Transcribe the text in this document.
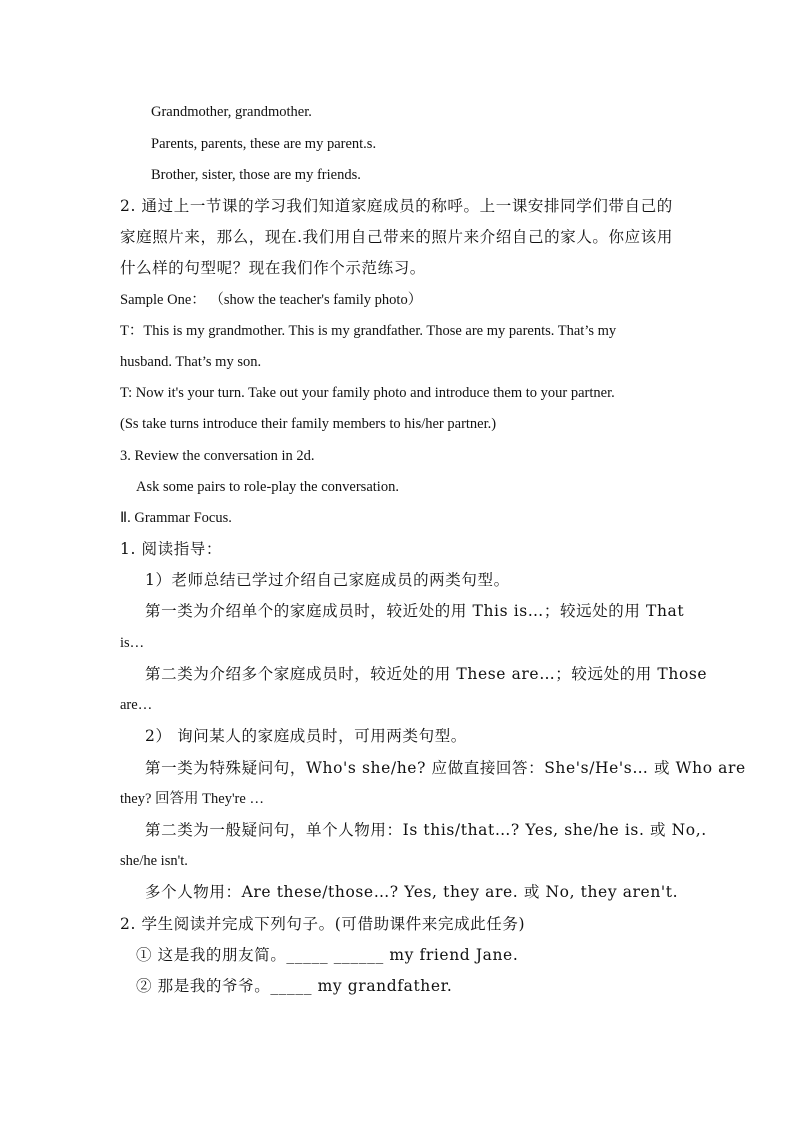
Grandmother, grandmother.
Parents, parents, these are my parent.s.
Brother, sister, those are my friends.
2. 通过上一节课的学习我们知道家庭成员的称呼。上一课安排同学们带自己的
家庭照片来，那么，现在.我们用自己带来的照片来介绍自己的家人。你应该用
什么样的句型呢？现在我们作个示范练习。
Sample One： （show the teacher's family photo）
T：This is my grandmother. This is my grandfather. Those are my parents. That’s my
husband. That’s my son.
T: Now it's your turn. Take out your family photo and introduce them to your partner.
(Ss take turns introduce their family members to his/her partner.)
3. Review the conversation in 2d.
Ask some pairs to role-play the conversation.
Ⅱ. Grammar Focus.
1. 阅读指导：
1）老师总结已学过介绍自己家庭成员的两类句型。
第一类为介绍单个的家庭成员时，较近处的用 This is…；较远处的用 That
is…
第二类为介绍多个家庭成员时，较近处的用 These are…；较远处的用 Those
are…
2） 询问某人的家庭成员时，可用两类句型。
第一类为特殊疑问句，Who's she/he? 应做直接回答：She's/He's… 或 Who are
they? 回答用 They're …
第二类为一般疑问句，单个人物用：Is this/that…? Yes, she/he is. 或 No,.
she/he isn't.
多个人物用：Are these/those…? Yes, they are. 或 No, they aren't.
2. 学生阅读并完成下列句子。(可借助课件来完成此任务)
① 这是我的朋友简。_____ ______ my friend Jane.
② 那是我的爷爷。_____ my grandfather.
